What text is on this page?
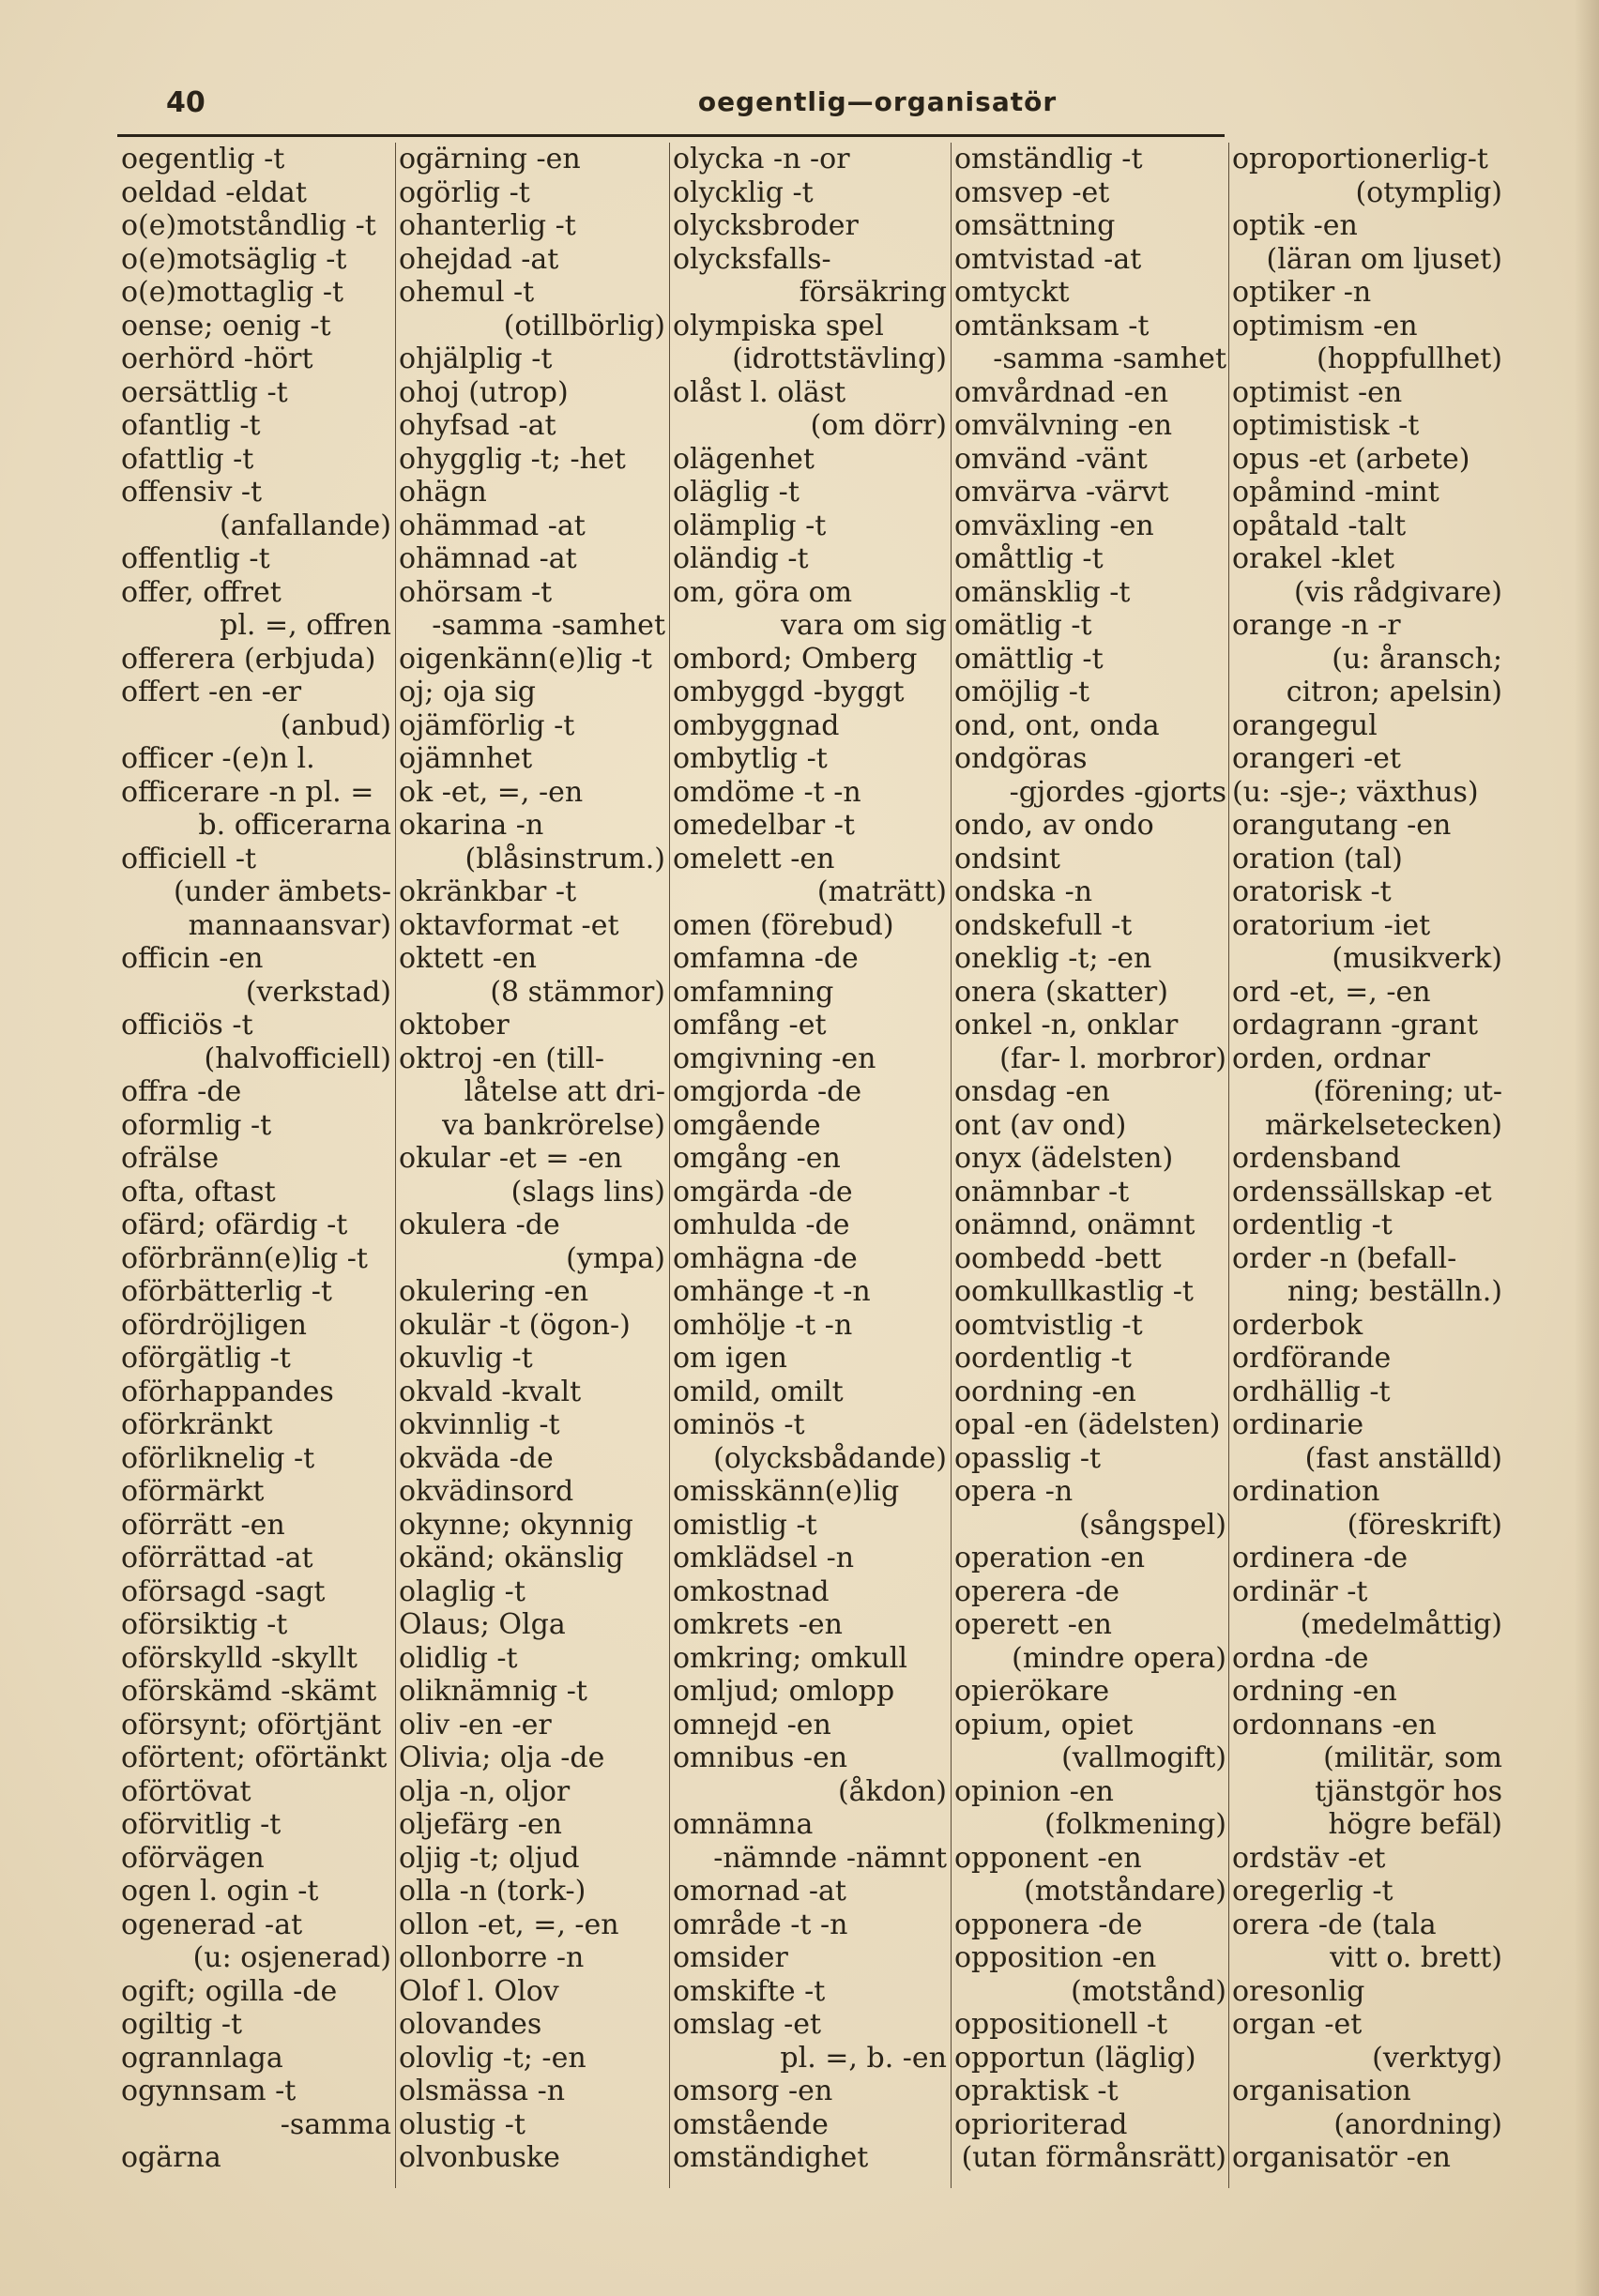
40	oegentlig—organisatör
oegentlig -t
oeldad -eldat
o(e)motståndlig -t
o(e)motsäglig -t
o(e)mottaglig -t
oense; oenig -t
oerhörd -hört
oersättlig -t
ofantlig -t
ofattlig -t
offensiv -t
(anfallande)
offentlig -t
offer, offret
pl. =, offren
offerera (erbjuda)
offert -en -er
(anbud)
officer -(e)n l.
officerare -n pl. =
b. officerarna
officiell -t
(under ämbets-
mannaansvar)
officin -en
(verkstad)
officiös -t
(halvofficiell)
offra -de
oformlig -t
ofrälse
ofta, oftast
ofärd; ofärdig -t
oförbränn(e)lig -t
oförbätterlig -t
ofördröjligen
oförgätlig -t
oförhappandes
oförkränkt
oförliknelig -t
oförmärkt
oförrätt -en
oförrättad -at
oförsagd -sagt
oförsiktig -t
oförskylld -skyllt
oförskämd -skämt
oförsynt; oförtjänt
oförtent; oförtänkt
oförtövat
oförvitlig -t
oförvägen
ogen l. ogin -t
ogenerad -at
(u: osjenerad)
ogift; ogilla -de
ogiltig -t
ogrannlaga
ogynnsam -t
-samma
ogärna
ogärning -en
ogörlig -t
ohanterlig -t
ohejdad -at
ohemul -t
(otillbörlig)
ohjälplig -t
ohoj (utrop)
ohyfsad -at
ohygglig -t; -het
ohägn
ohämmad -at
ohämnad -at
ohörsam -t
-samma -samhet
oigenkänn(e)lig -t
oj; oja sig
ojämförlig -t
ojämnhet
ok -et, =, -en
okarina -n
(blåsinstrum.)
okränkbar -t
oktavformat -et
oktett -en
(8 stämmor)
oktober
oktroj -en (till-
låtelse att dri-
va bankrörelse)
okular -et = -en
(slags lins)
okulera -de
(ympa)
okulering -en
okulär -t (ögon-)
okuvlig -t
okvald -kvalt
okvinnlig -t
okväda -de
okvädinsord
okynne; okynnig
okänd; okänslig
olaglig -t
Olaus; Olga
olidlig -t
oliknämnig -t
oliv -en -er
Olivia; olja -de
olja -n, oljor
oljefärg -en
oljig -t; oljud
olla -n (tork-)
ollon -et, =, -en
ollonborre -n
Olof l. Olov
olovandes
olovlig -t; -en
olsmässa -n
olustig -t
olvonbuske
olycka -n -or
olycklig -t
olycksbroder
olycksfalls-
försäkring
olympiska spel
(idrottstävling)
olåst l. oläst
(om dörr)
olägenhet
oläglig -t
olämplig -t
oländig -t
om, göra om
vara om sig
ombord; Omberg
ombyggd -byggt
ombyggnad
ombytlig -t
omdöme -t -n
omedelbar -t
omelett -en
(maträtt)
omen (förebud)
omfamna -de
omfamning
omfång -et
omgivning -en
omgjorda -de
omgående
omgång -en
omgärda -de
omhulda -de
omhägna -de
omhänge -t -n
omhölje -t -n
om igen
omild, omilt
ominös -t
(olycksbådande)
omisskänn(e)lig
omistlig -t
omklädsel -n
omkostnad
omkrets -en
omkring; omkull
omljud; omlopp
omnejd -en
omnibus -en
(åkdon)
omnämna
-nämnde -nämnt
omornad -at
område -t -n
omsider
omskifte -t
omslag -et
pl. =, b. -en
omsorg -en
omstående
omständighet
omständlig -t
omsvep -et
omsättning
omtvistad -at
omtyckt
omtänksam -t
-samma -samhet
omvårdnad -en
omvälvning -en
omvänd -vänt
omvärva -värvt
omväxling -en
omåttlig -t
omänsklig -t
omätlig -t
omättlig -t
omöjlig -t
ond, ont, onda
ondgöras
-gjordes -gjorts
ondo, av ondo
ondsint
ondska -n
ondskefull -t
oneklig -t; -en
onera (skatter)
onkel -n, onklar
(far- l. morbror)
onsdag -en
ont (av ond)
onyx (ädelsten)
onämnbar -t
onämnd, onämnt
oombedd -bett
oomkullkastlig -t
oomtvistlig -t
oordentlig -t
oordning -en
opal -en (ädelsten)
opasslig -t
opera -n
(sångspel)
operation -en
operera -de
operett -en
(mindre opera)
opierökare
opium, opiet
(vallmogift)
opinion -en
(folkmening)
opponent -en
(motståndare)
opponera -de
opposition -en
(motstånd)
oppositionell -t
opportun (läglig)
opraktisk -t
oprioriterad
(utan förmånsrätt)
oproportionerlig-t
(otymplig)
optik -en
(läran om ljuset)
optiker -n
optimism -en
(hoppfullhet)
optimist -en
optimistisk -t
opus -et (arbete)
opåmind -mint
opåtald -talt
orakel -klet
(vis rådgivare)
orange -n -r
(u: åransch;
citron; apelsin)
orangegul
orangeri -et
(u: -sje-; växthus)
orangutang -en
oration (tal)
oratorisk -t
oratorium -iet
(musikverk)
ord -et, =, -en
ordagrann -grant
orden, ordnar
(förening; ut-
märkelsetecken)
ordensband
ordenssällskap -et
ordentlig -t
order -n (befall-
ning; beställn.)
orderbok
ordförande
ordhällig -t
ordinarie
(fast anställd)
ordination
(föreskrift)
ordinera -de
ordinär -t
(medelmåttig)
ordna -de
ordning -en
ordonnans -en
(militär, som
tjänstgör hos
högre befäl)
ordstäv -et
oregerlig -t
orera -de (tala
vitt o. brett)
oresonlig
organ -et
(verktyg)
organisation
(anordning)
organisatör -en
